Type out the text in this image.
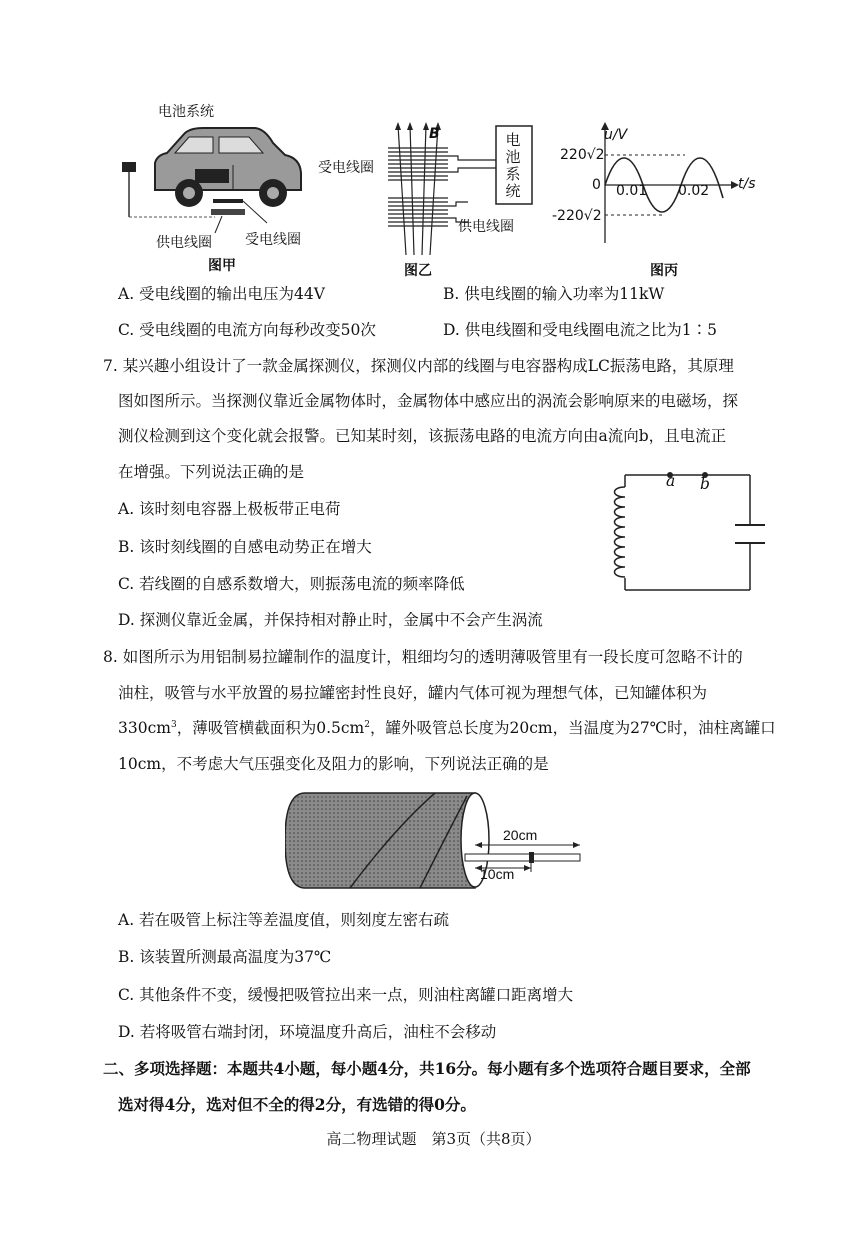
电池系统
供电线圈 受电线圈
图甲
B
受电线圈
电池系统
供电线圈
图乙
u/V
t/s
220√2
-220√2
0 0.01 0.02
图丙
A. 受电线圈的输出电压为44V	B. 供电线圈的输入功率为11kW
C. 受电线圈的电流方向每秒改变50次	D. 供电线圈和受电线圈电流之比为1∶5
7. 某兴趣小组设计了一款金属探测仪，探测仪内部的线圈与电容器构成LC振荡电路，其原理
图如图所示。当探测仪靠近金属物体时，金属物体中感应出的涡流会影响原来的电磁场，探
测仪检测到这个变化就会报警。已知某时刻，该振荡电路的电流方向由a流向b，且电流正
在增强。下列说法正确的是	a b
A. 该时刻电容器上极板带正电荷
B. 该时刻线圈的自感电动势正在增大
C. 若线圈的自感系数增大，则振荡电流的频率降低
D. 探测仪靠近金属，并保持相对静止时，金属中不会产生涡流
8. 如图所示为用铝制易拉罐制作的温度计，粗细均匀的透明薄吸管里有一段长度可忽略不计的
油柱，吸管与水平放置的易拉罐密封性良好，罐内气体可视为理想气体，已知罐体积为
$330cm^3$，薄吸管横截面积为$0.5cm^2$，罐外吸管总长度为20cm，当温度为27℃时，油柱离罐口
10cm，不考虑大气压强变化及阻力的影响，下列说法正确的是
20cm
10cm
A. 若在吸管上标注等差温度值，则刻度左密右疏
B. 该装置所测最高温度为37℃
C. 其他条件不变，缓慢把吸管拉出来一点，则油柱离罐口距离增大
D. 若将吸管右端封闭，环境温度升高后，油柱不会移动
二、多项选择题：本题共4小题，每小题4分，共16分。每小题有多个选项符合题目要求，全部
选对得4分，选对但不全的得2分，有选错的得0分。
高二物理试题　第3页（共8页）
